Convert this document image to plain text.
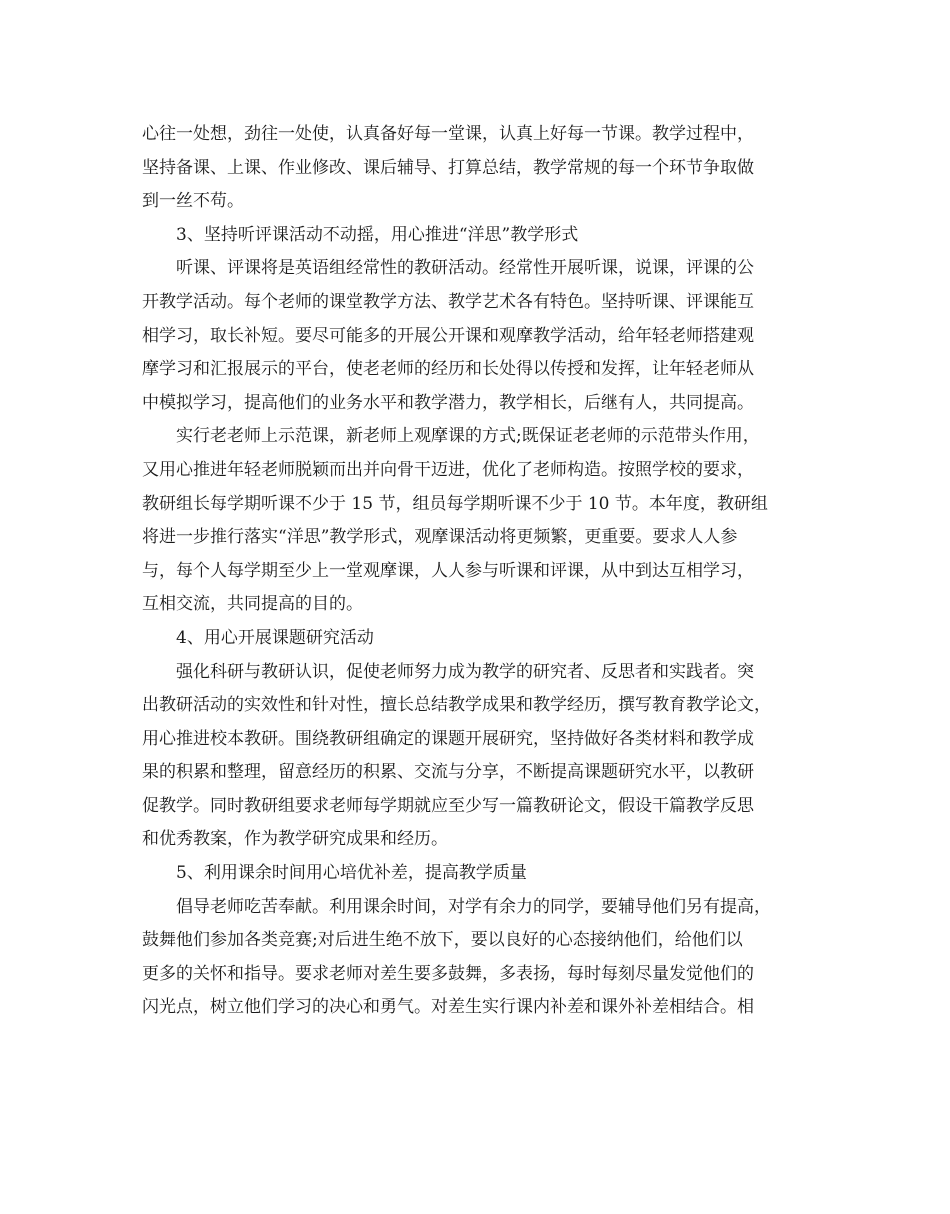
心往一处想，劲往一处使，认真备好每一堂课，认真上好每一节课。教学过程中，
坚持备课、上课、作业修改、课后辅导、打算总结，教学常规的每一个环节争取做
到一丝不苟。
3、坚持听评课活动不动摇，用心推进“洋思”教学形式
听课、评课将是英语组经常性的教研活动。经常性开展听课，说课，评课的公
开教学活动。每个老师的课堂教学方法、教学艺术各有特色。坚持听课、评课能互
相学习，取长补短。要尽可能多的开展公开课和观摩教学活动，给年轻老师搭建观
摩学习和汇报展示的平台，使老老师的经历和长处得以传授和发挥，让年轻老师从
中模拟学习，提高他们的业务水平和教学潜力，教学相长，后继有人，共同提高。
实行老老师上示范课，新老师上观摩课的方式;既保证老老师的示范带头作用，
又用心推进年轻老师脱颖而出并向骨干迈进，优化了老师构造。按照学校的要求，
教研组长每学期听课不少于 15 节，组员每学期听课不少于 10 节。本年度，教研组
将进一步推行落实“洋思”教学形式，观摩课活动将更频繁，更重要。要求人人参
与，每个人每学期至少上一堂观摩课，人人参与听课和评课，从中到达互相学习，
互相交流，共同提高的目的。
4、用心开展课题研究活动
强化科研与教研认识，促使老师努力成为教学的研究者、反思者和实践者。突
出教研活动的实效性和针对性，擅长总结教学成果和教学经历，撰写教育教学论文，
用心推进校本教研。围绕教研组确定的课题开展研究，坚持做好各类材料和教学成
果的积累和整理，留意经历的积累、交流与分享，不断提高课题研究水平，以教研
促教学。同时教研组要求老师每学期就应至少写一篇教研论文，假设干篇教学反思
和优秀教案，作为教学研究成果和经历。
5、利用课余时间用心培优补差，提高教学质量
倡导老师吃苦奉献。利用课余时间，对学有余力的同学，要辅导他们另有提高，
鼓舞他们参加各类竞赛;对后进生绝不放下，要以良好的心态接纳他们，给他们以
更多的关怀和指导。要求老师对差生要多鼓舞，多表扬，每时每刻尽量发觉他们的
闪光点，树立他们学习的决心和勇气。对差生实行课内补差和课外补差相结合。相
